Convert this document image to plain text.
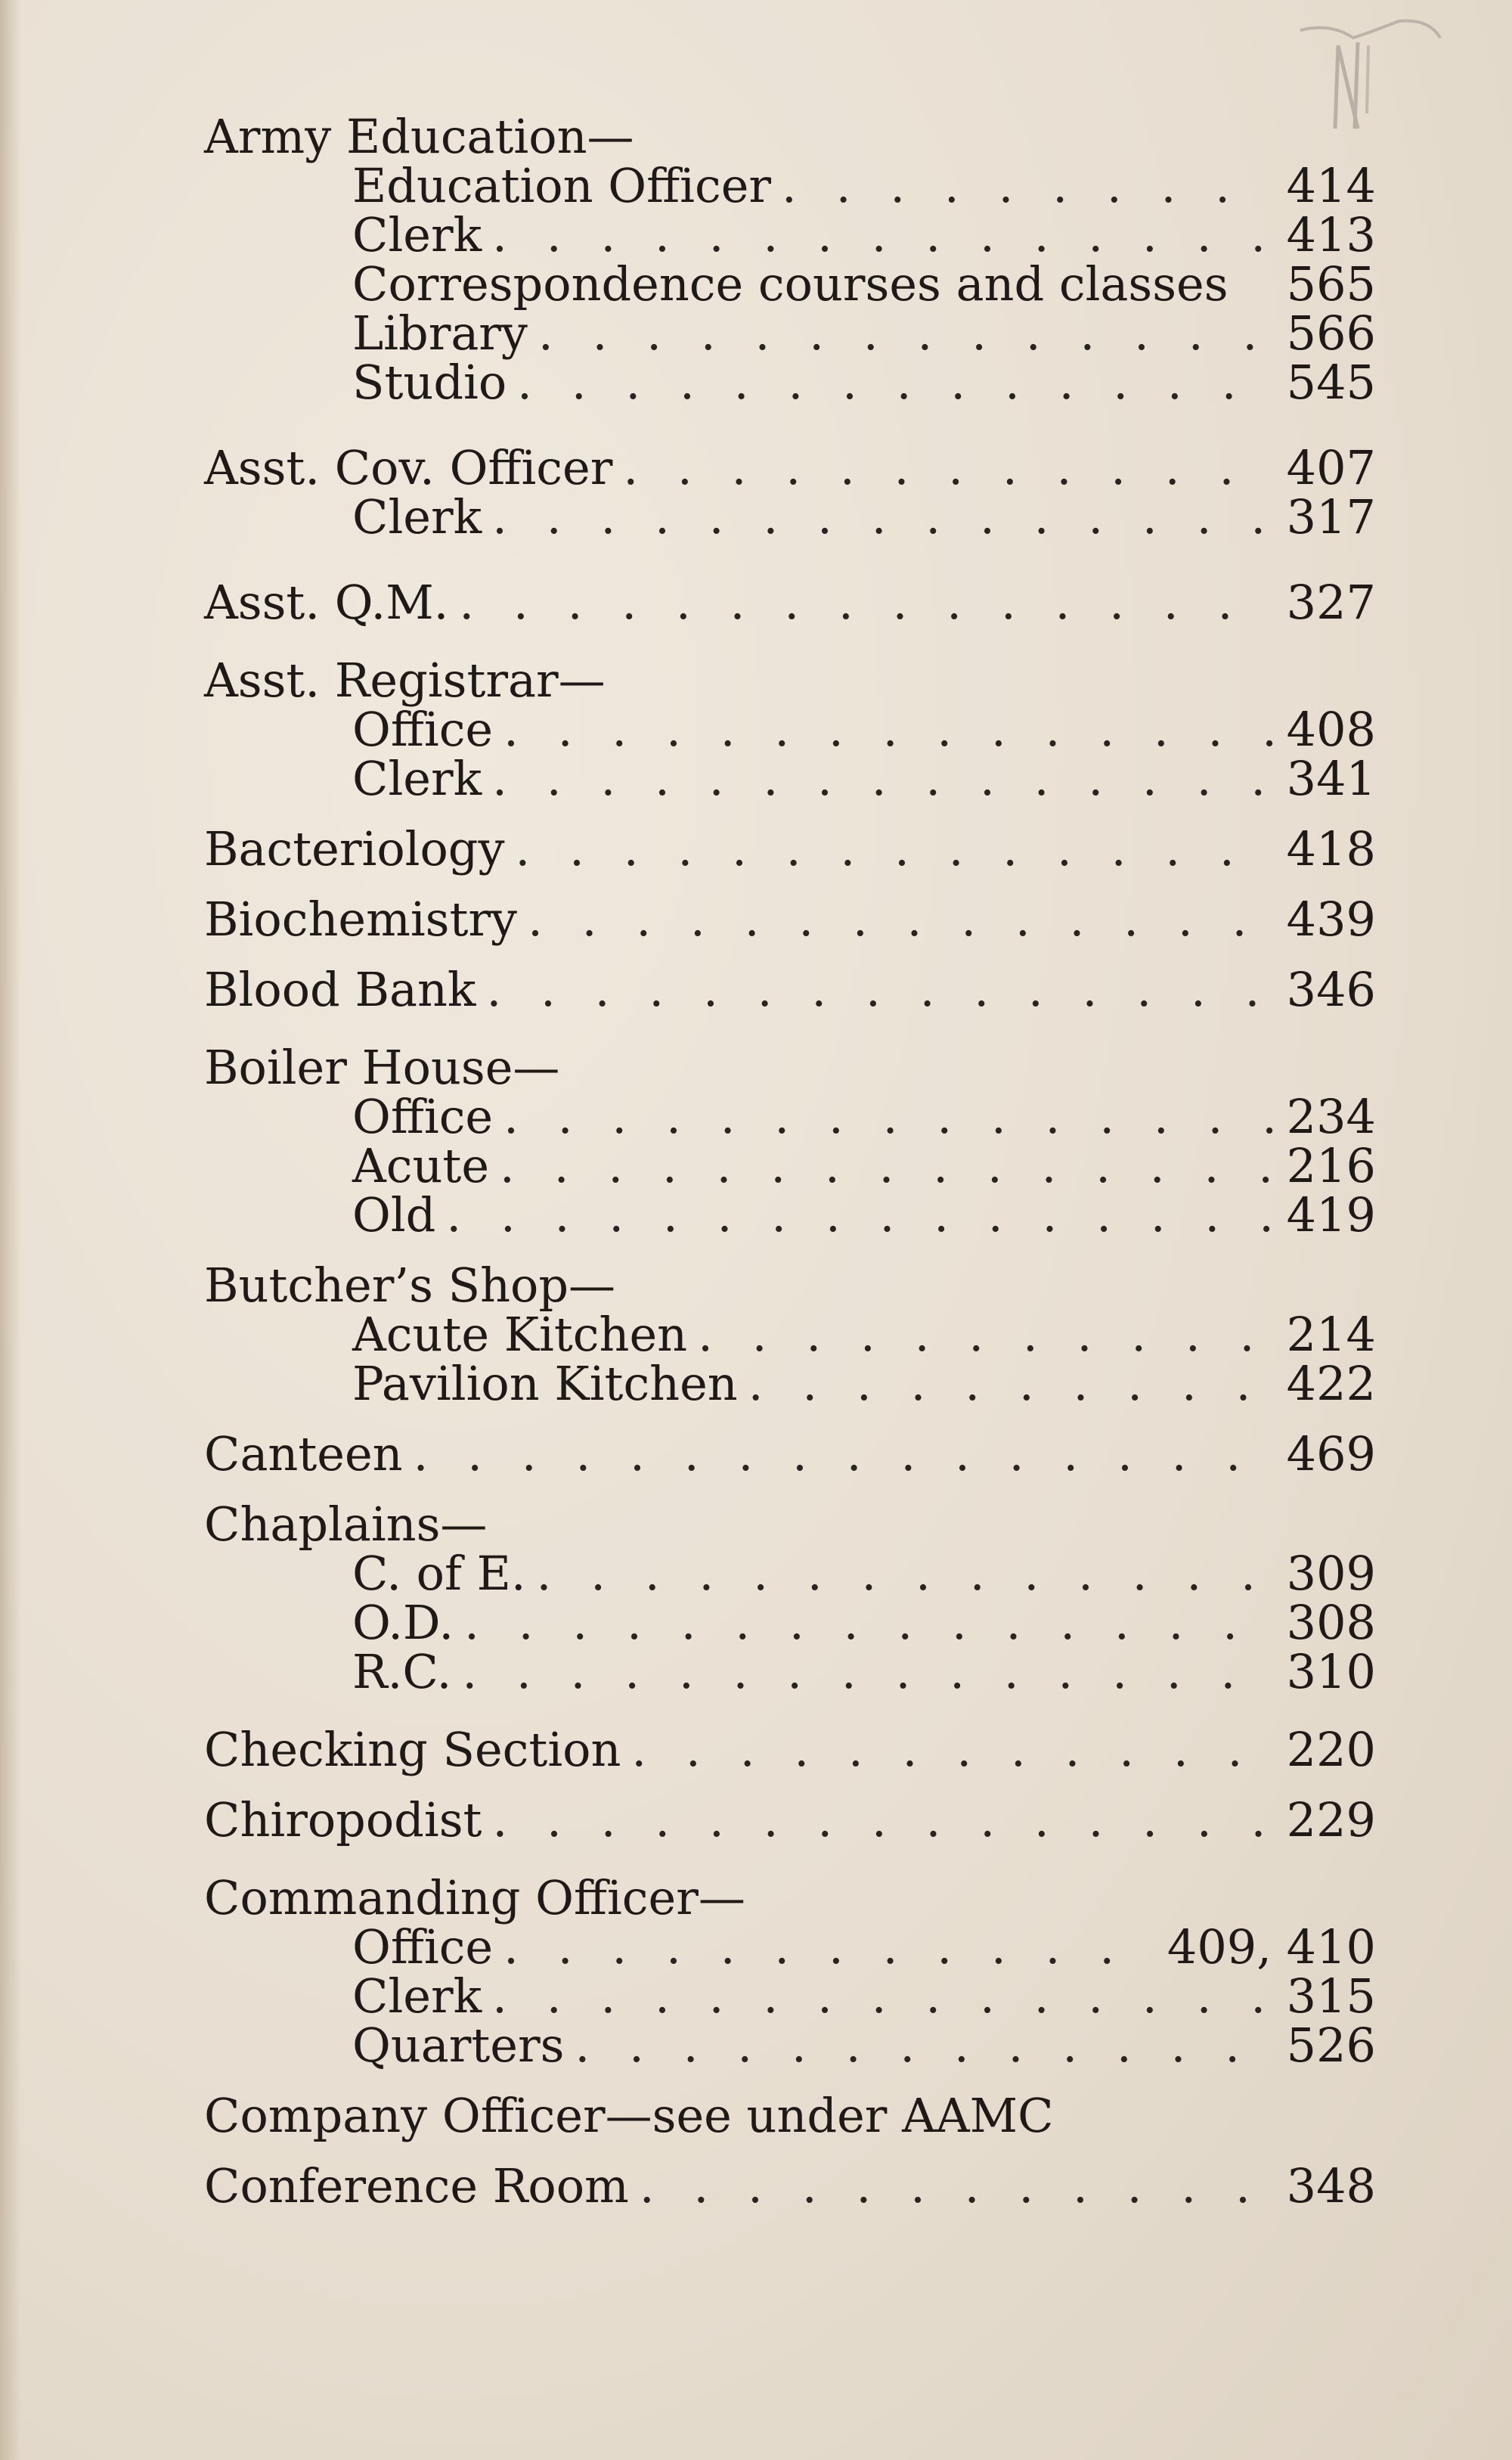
Army Education—
Education Officer . . .	414
Clerk . . .	413
Correspondence courses and classes 565
Library . . .	566
Studio . . .	545
Asst. Cov. Officer . . .	407
Clerk . . .	317
Asst. Q.M. . . .	327
Asst. Registrar—
Office . . .	408
Clerk . . .	341
Bacteriology . . .	418
Biochemistry . . .	439
Blood Bank . . .	346
Boiler House—
Office . . .	234
Acute . . .	216
Old . . .	419
Butcher’s Shop—
Acute Kitchen . . .	214
Pavilion Kitchen . . .	422
Canteen . . .	469
Chaplains—
C. of E. . . .	309
O.D. . . .	308
R.C. . . .	310
Checking Section . . .	220
Chiropodist . . .	229
Commanding Officer—
Office . . .	409, 410
Clerk . . .	315
Quarters . . .	526
Company Officer—see under AAMC
Conference Room . . .	348
